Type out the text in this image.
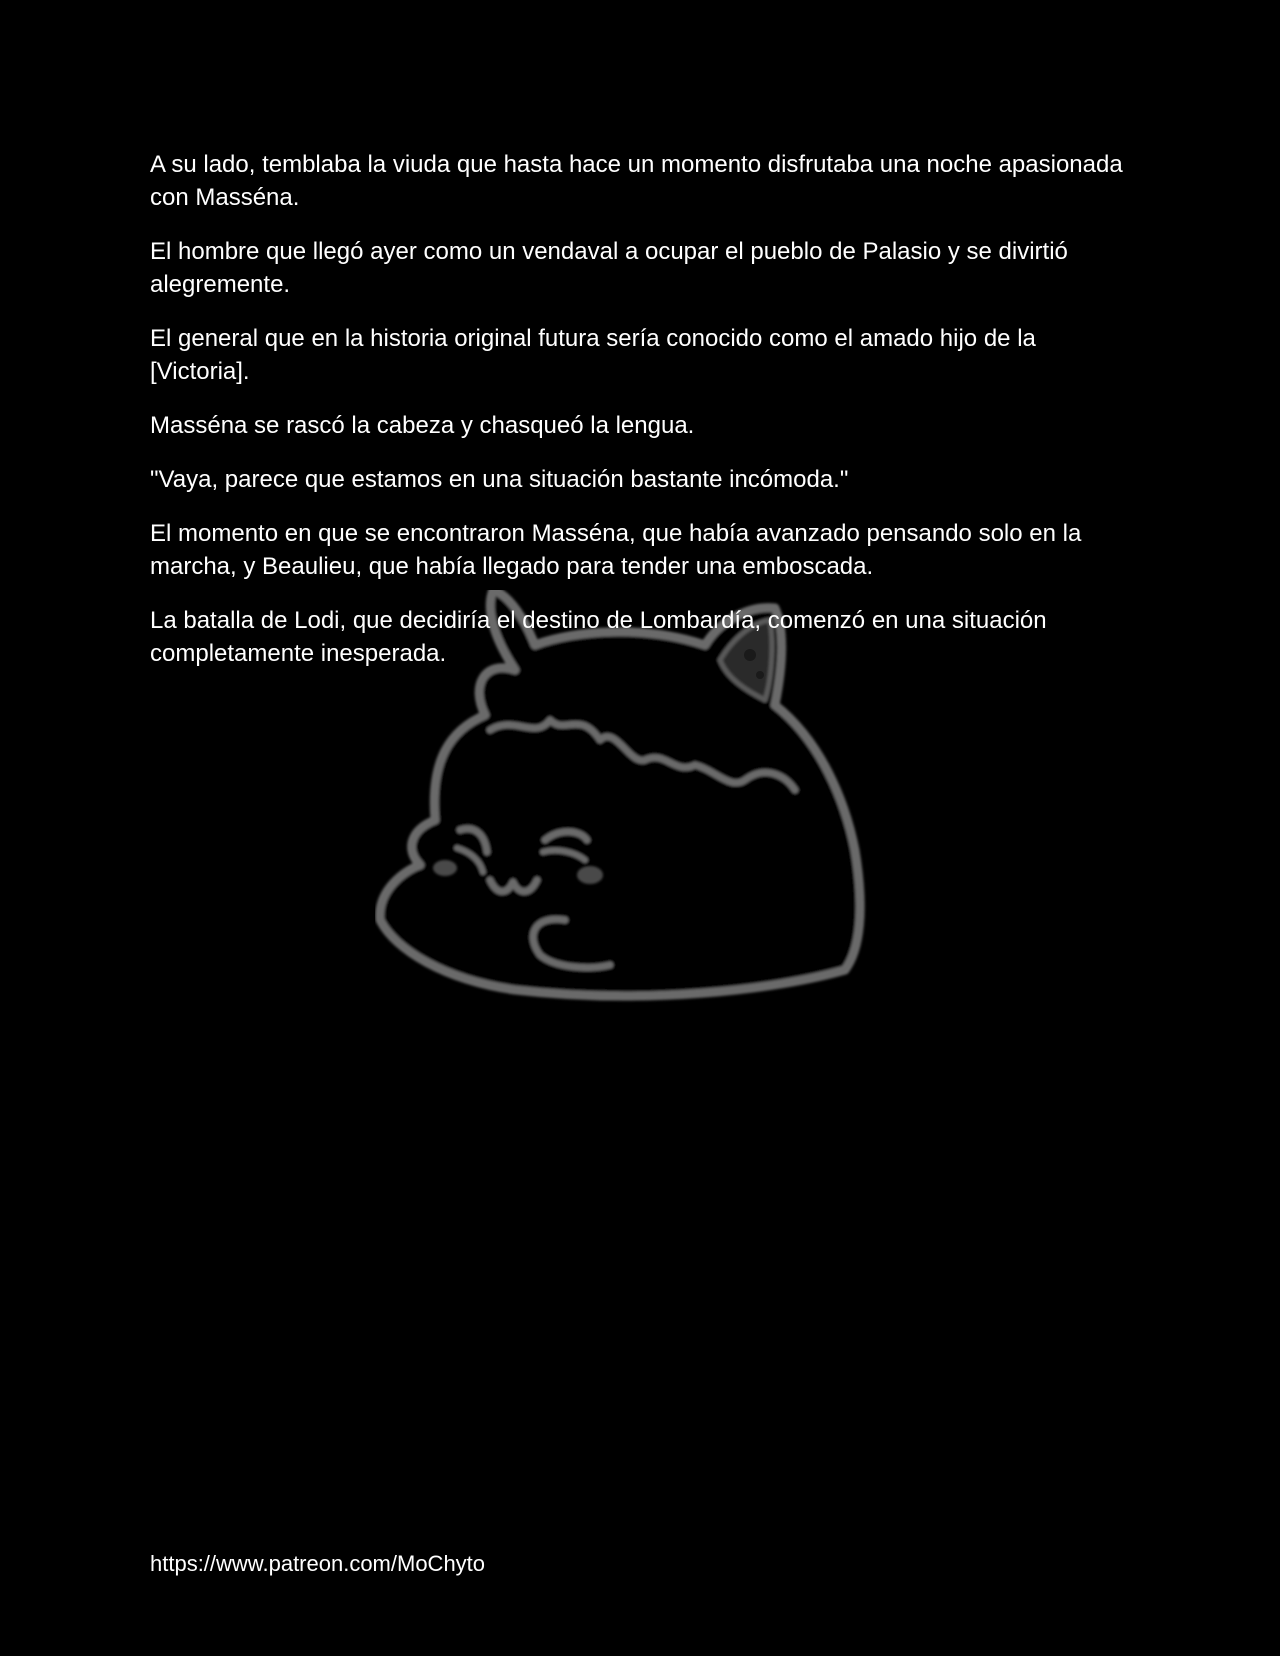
A su lado, temblaba la viuda que hasta hace un momento disfrutaba una noche apasionada con Masséna.

El hombre que llegó ayer como un vendaval a ocupar el pueblo de Palasio y se divirtió alegremente.

El general que en la historia original futura sería conocido como el amado hijo de la [Victoria].

Masséna se rascó la cabeza y chasqueó la lengua.

"Vaya, parece que estamos en una situación bastante incómoda."

El momento en que se encontraron Masséna, que había avanzado pensando solo en la marcha, y Beaulieu, que había llegado para tender una emboscada.

La batalla de Lodi, que decidiría el destino de Lombardía, comenzó en una situación completamente inesperada.

https://www.patreon.com/MoChyto
